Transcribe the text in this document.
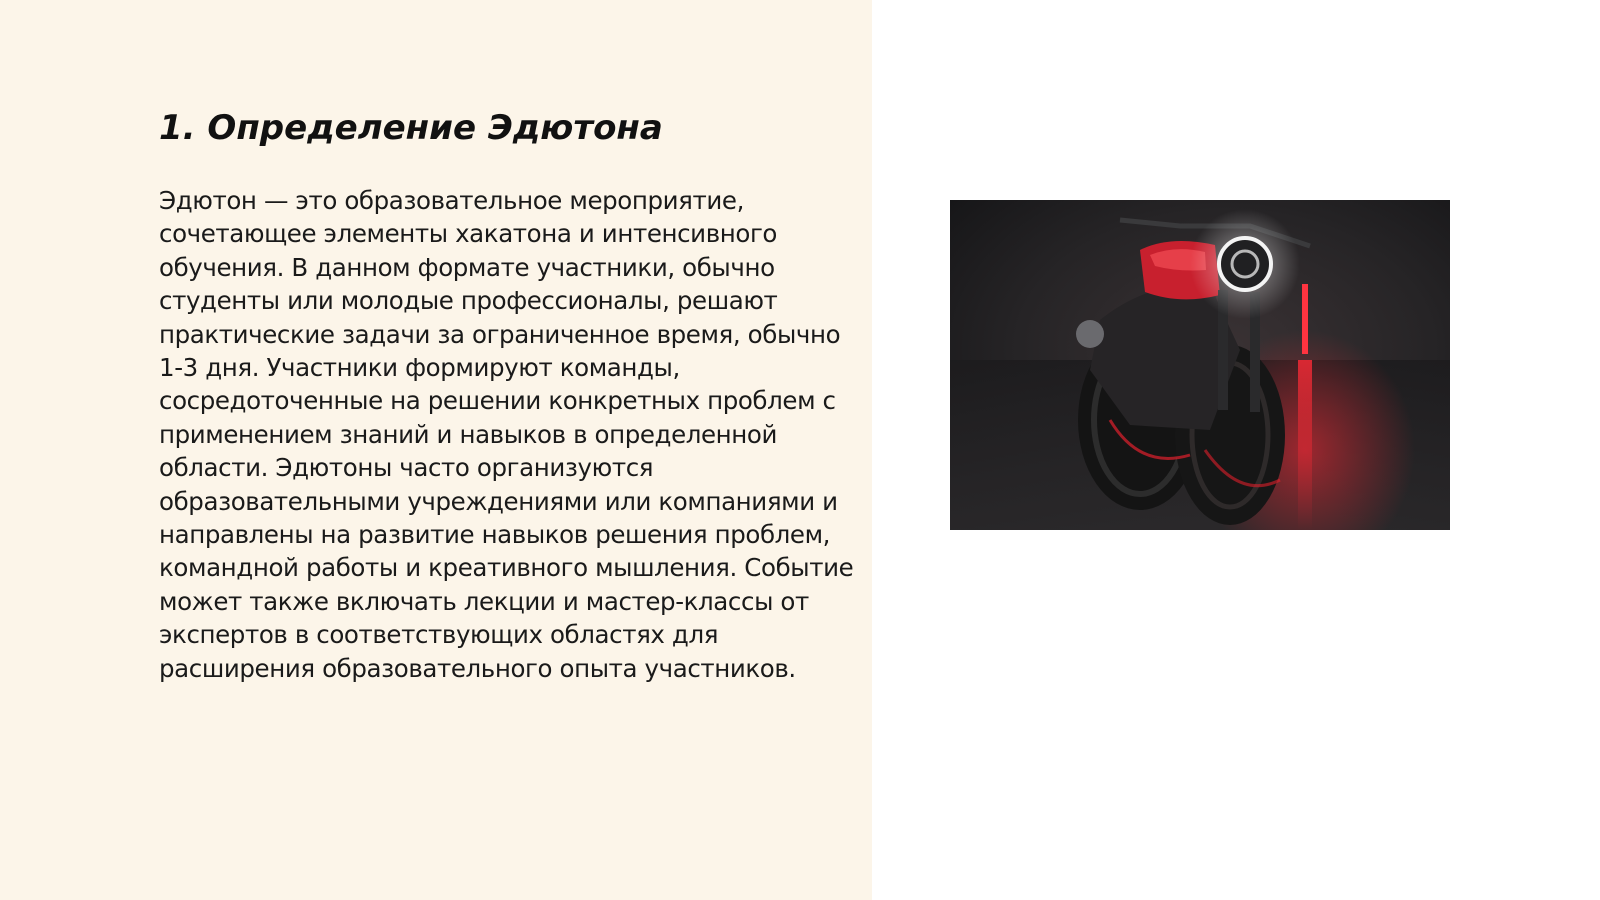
1. Определение Эдютона

Эдютон — это образовательное мероприятие, сочетающее элементы хакатона и интенсивного обучения. В данном формате участники, обычно студенты или молодые профессионалы, решают практические задачи за ограниченное время, обычно 1-3 дня. Участники формируют команды, сосредоточенные на решении конкретных проблем с применением знаний и навыков в определенной области. Эдютоны часто организуются образовательными учреждениями или компаниями и направлены на развитие навыков решения проблем, командной работы и креативного мышления. Событие может также включать лекции и мастер-классы от экспертов в соответствующих областях для расширения образовательного опыта участников.
